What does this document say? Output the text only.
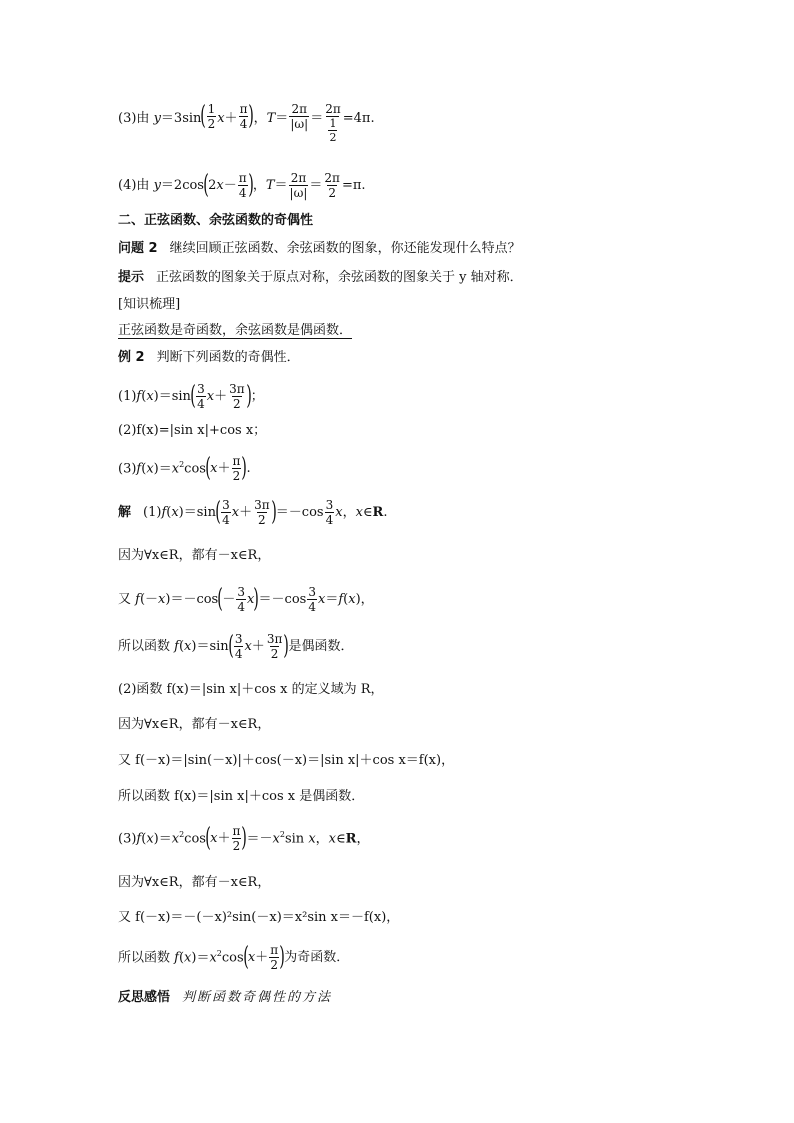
(3)由 y＝3sin ( $\frac{1}{2}$ $x + \frac{\pi}{4}$ ) ，$T= \frac{2\pi}{|\omega|} = \frac{2\pi}{\frac{1}{2}} =4\pi$.
(4)由 y＝2cos ( $2x- \frac{\pi}{4}$ ) ，$T= \frac{2\pi}{|\omega|} = \frac{2\pi}{2} =\pi$.
二、正弦函数、余弦函数的奇偶性
问题 2 继续回顾正弦函数、余弦函数的图象，你还能发现什么特点？
提示 正弦函数的图象关于原点对称，余弦函数的图象关于 y 轴对称．
[知识梳理]
正弦函数是奇函数，余弦函数是偶函数．
例 2 判断下列函数的奇偶性．
(1)f(x)＝sin ( $\frac{3}{4}$ $x + \frac{3\pi}{2}$ ) ；
(2)f(x)=|sin x|+cos x；
$(3)f(x)=x^2\cos$ ( $x + \frac{\pi}{2}$ ) .
解 (1)f(x)＝sin ( $\frac{3}{4}$ $x + \frac{3\pi}{2}$ ) $=-\cos \frac{3}{4}$ x，x∈R.
因为∀x∈R，都有－x∈R，
又 f(－x)＝－cos ( － $\frac{3}{4}$ x ) $=-\cos \frac{3}{4} x=f(x)$，
所以函数 f(x)＝sin ( $\frac{3}{4}$ $x + \frac{3\pi}{2}$ ) 是偶函数．
(2)函数 f(x)＝|sin x|＋cos x 的定义域为 R，
因为∀x∈R，都有－x∈R，
又 f(－x)＝|sin(－x)|＋cos(－x)＝|sin x|＋cos x＝f(x)，
所以函数 f(x)＝|sin x|＋cos x 是偶函数．
$(3)f(x)=x^2\cos$ ( $x + \frac{\pi}{2}$ ) $=-x^2\sin$ x，x∈R，
因为∀x∈R，都有－x∈R，
又 f(－x)＝－(－x)²sin(－x)＝x²sin x＝－f(x)，
所以函数 $f(x)=x^2\cos$ ( $x + \frac{\pi}{2}$ ) 为奇函数．
反思感悟 判断函数奇偶性的方法
